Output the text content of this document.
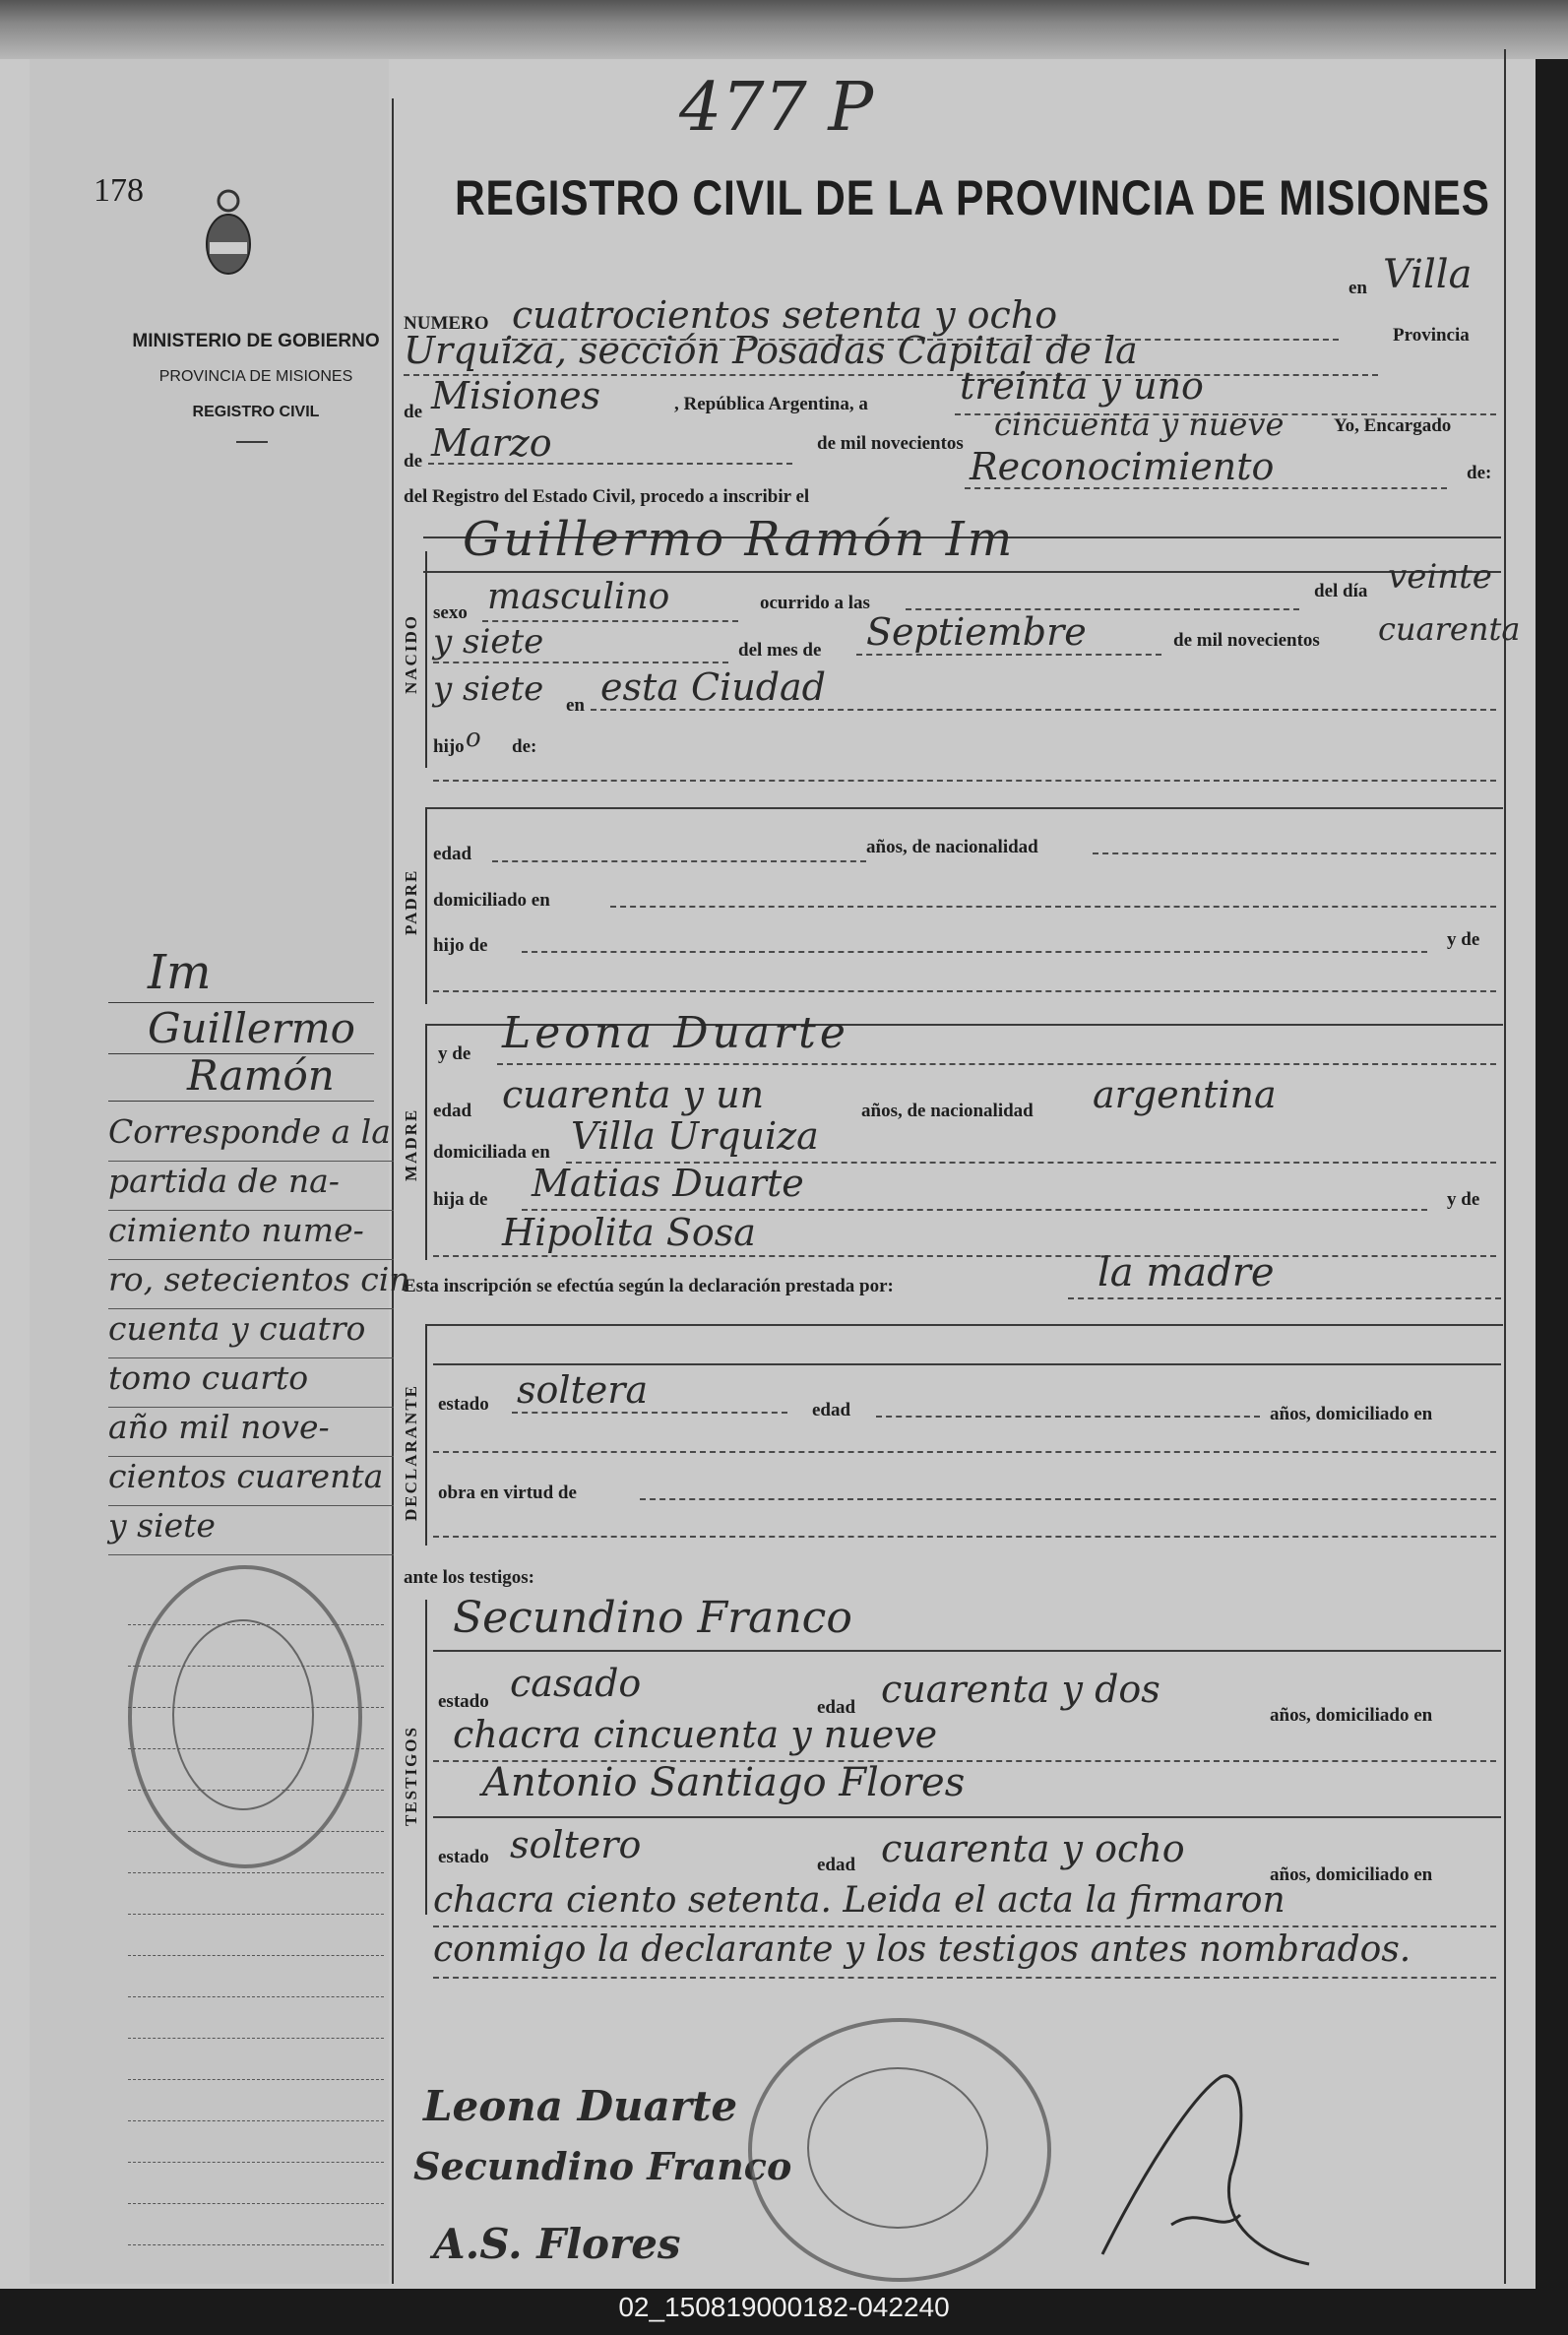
178
477 P
MINISTERIO DE GOBIERNO
PROVINCIA DE MISIONES
REGISTRO CIVIL
REGISTRO CIVIL DE LA PROVINCIA DE MISIONES
NUMERO cuatrocientos setenta y ocho
en Villa
Urquiza, sección Posadas Capital de la	Provincia
de Misiones	, República Argentina, a treinta y uno
de Marzo	de mil novecientos
cincuenta y nueve	Yo, Encargado
del Registro del Estado Civil, procedo a inscribir el
Reconocimiento	de:
Guillermo Ramón Im
NACIDO
sexo masculino	ocurrido a las
del día veinte
y siete	del mes de Septiembre	de mil novecientos cuarenta
y siete en esta Ciudad
hijo o de:
PADRE
edad	años, de nacionalidad
domiciliado en
hijo de	y de
MADRE
y de Leona Duarte
edad cuarenta y un	años, de nacionalidad argentina
domiciliada en Villa Urquiza
hija de Matias Duarte	y de
Hipolita Sosa
Esta inscripción se efectúa según la declaración prestada por:	la madre
DECLARANTE estado soltera	edad	años, domiciliado en
obra en virtud de
ante los testigos:
TESTIGOS
Secundino Franco
estado casado
edad cuarenta y dos
años, domiciliado en
chacra cincuenta y nueve
Antonio Santiago Flores
estado soltero	edad cuarenta y ocho
años, domiciliado en
chacra ciento setenta. Leida el acta la firmaron
conmigo la declarante y los testigos antes nombrados.
Leona Duarte
Secundino Franco
A.S. Flores
Im
Guillermo
Ramón
Corresponde a la
partida de na-
cimiento nume-
ro, setecientos cin
cuenta y cuatro
tomo cuarto
año mil nove-
cientos cuarenta
y siete
02_150819000182-042240
